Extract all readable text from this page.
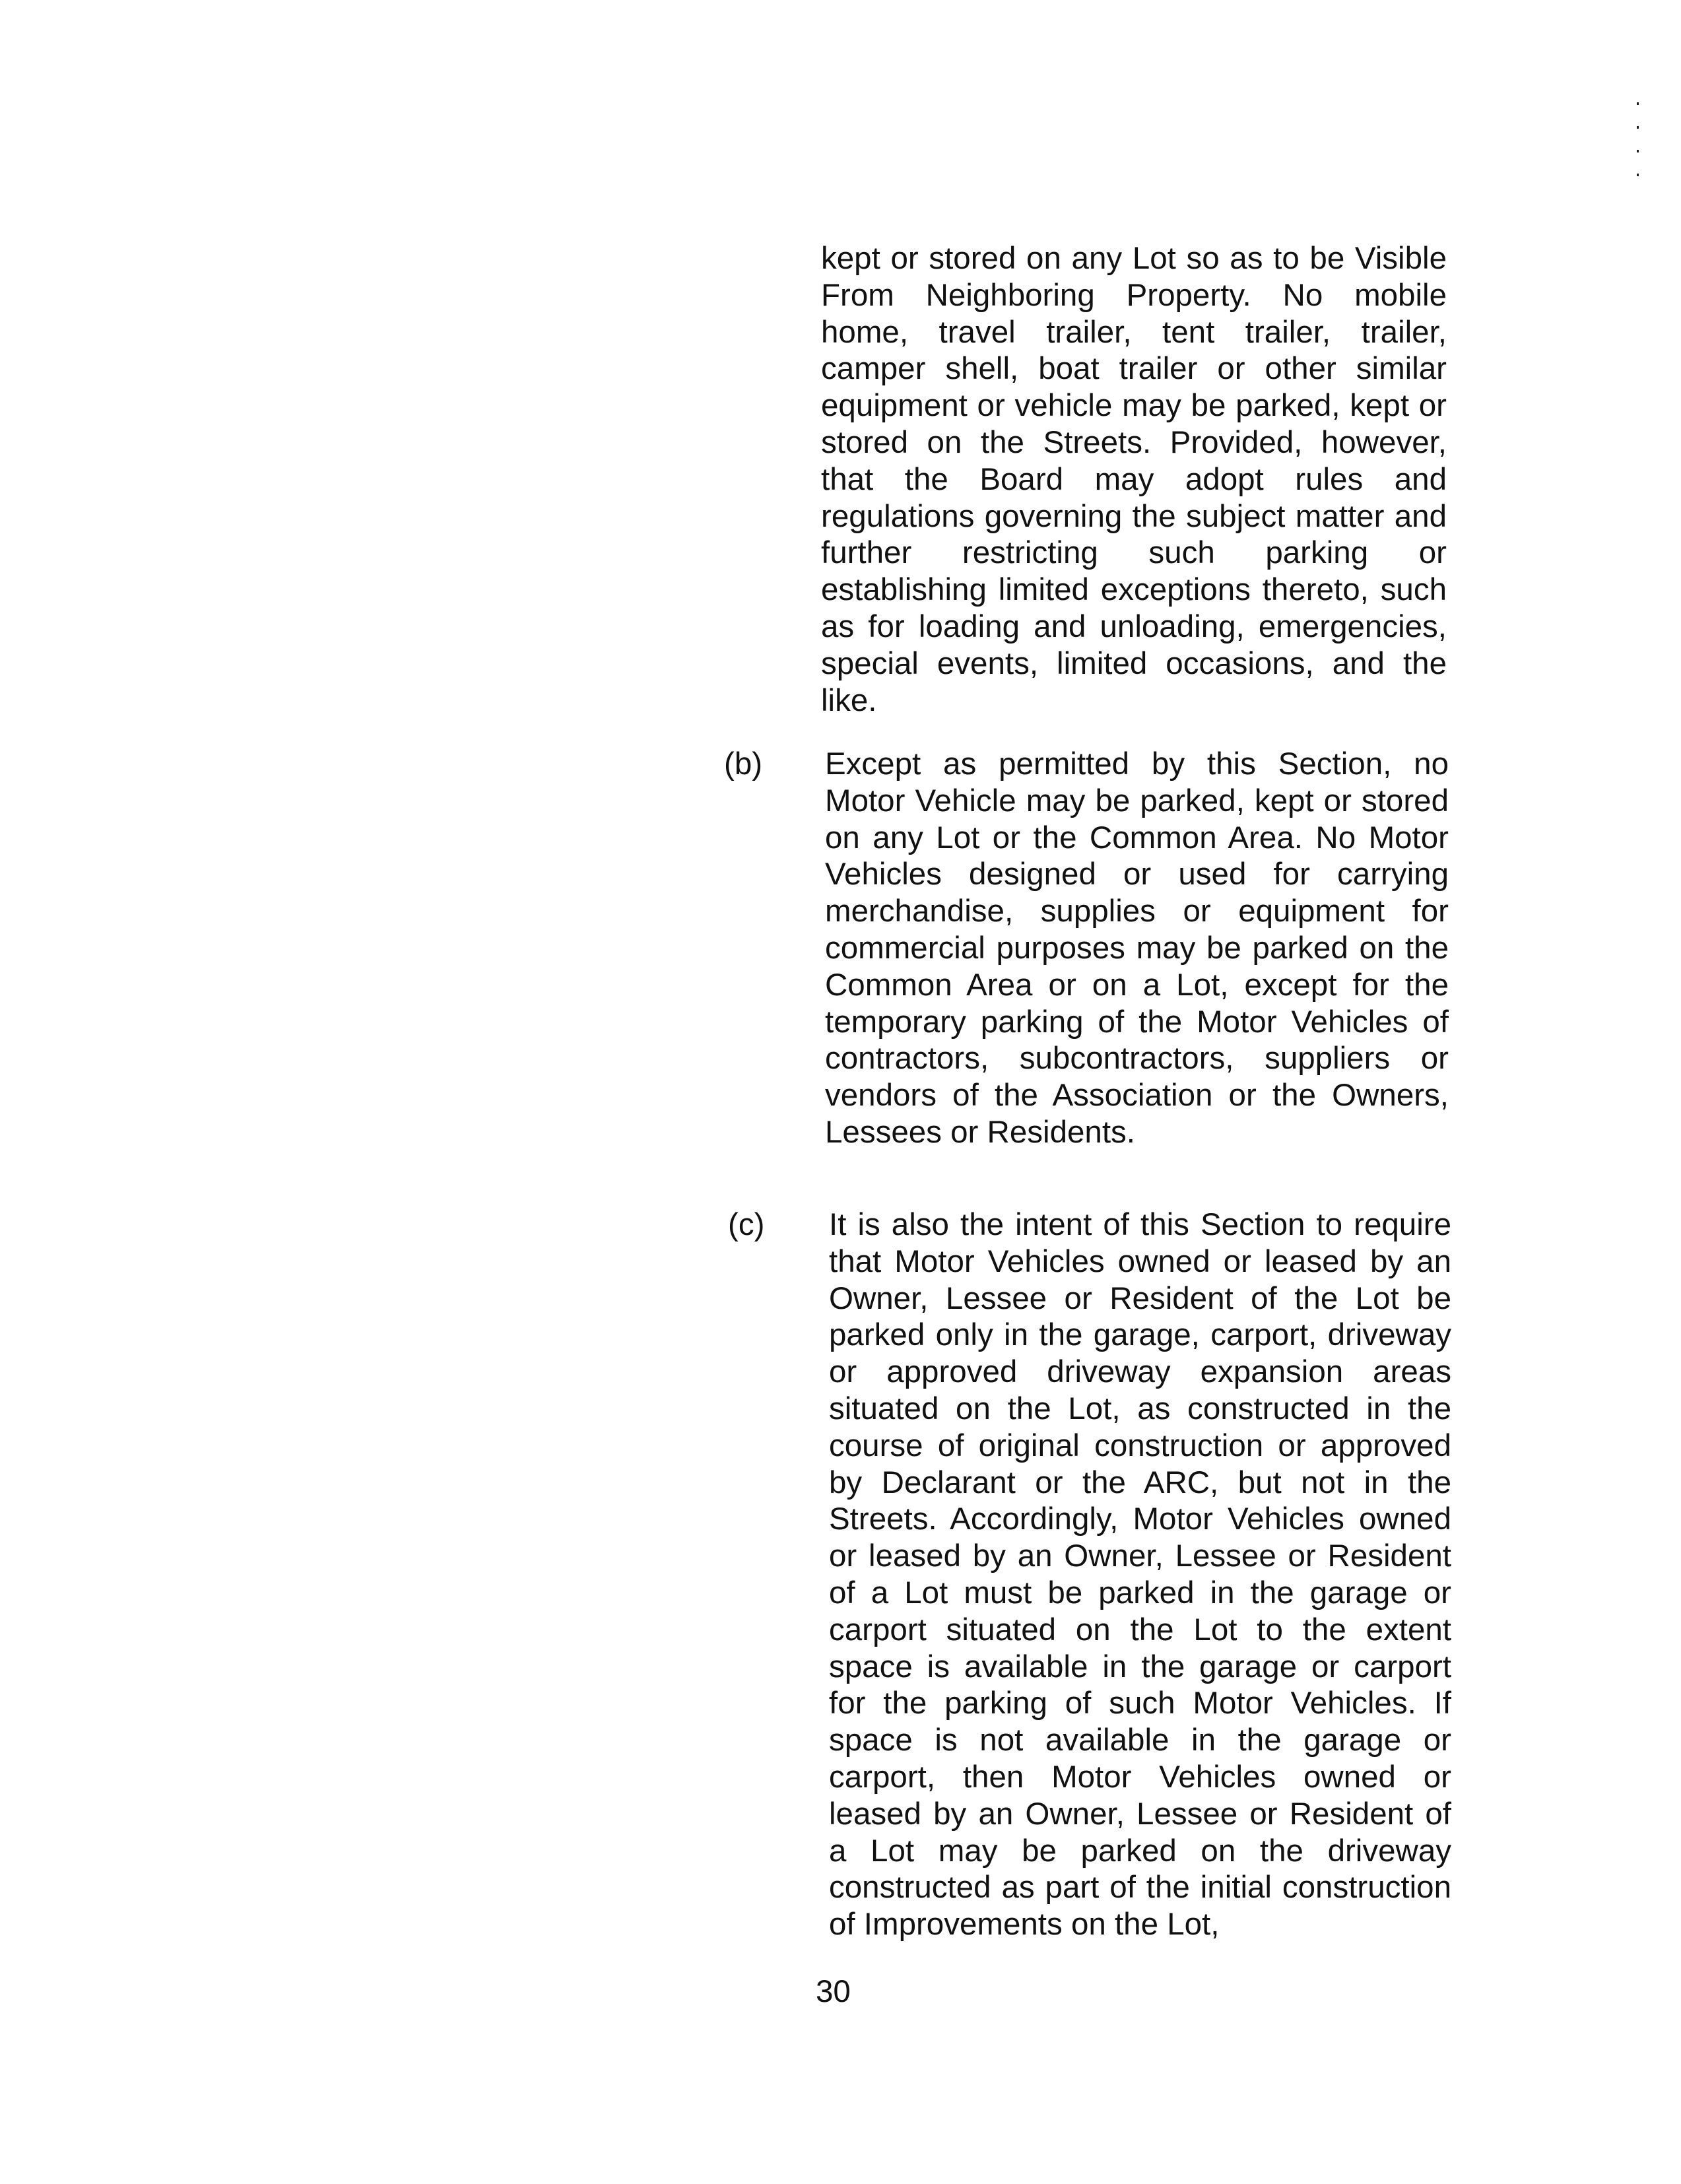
kept or stored on any Lot so as to be Visible From Neighboring Property. No mobile home, travel trailer, tent trailer, trailer, camper shell, boat trailer or other similar equipment or vehicle may be parked, kept or stored on the Streets. Provided, however, that the Board may adopt rules and regulations governing the subject matter and further restricting such parking or establishing limited exceptions thereto, such as for loading and unloading, emergencies, special events, limited occasions, and the like.

(b) Except as permitted by this Section, no Motor Vehicle may be parked, kept or stored on any Lot or the Common Area. No Motor Vehicles designed or used for carrying merchandise, supplies or equipment for commercial purposes may be parked on the Common Area or on a Lot, except for the temporary parking of the Motor Vehicles of contractors, subcontractors, suppliers or vendors of the Association or the Owners, Lessees or Residents.

(c) It is also the intent of this Section to require that Motor Vehicles owned or leased by an Owner, Lessee or Resident of the Lot be parked only in the garage, carport, driveway or approved driveway expansion areas situated on the Lot, as constructed in the course of original construction or approved by Declarant or the ARC, but not in the Streets. Accordingly, Motor Vehicles owned or leased by an Owner, Lessee or Resident of a Lot must be parked in the garage or carport situated on the Lot to the extent space is available in the garage or carport for the parking of such Motor Vehicles. If space is not available in the garage or carport, then Motor Vehicles owned or leased by an Owner, Lessee or Resident of a Lot may be parked on the driveway constructed as part of the initial construction of Improvements on the Lot,

30
